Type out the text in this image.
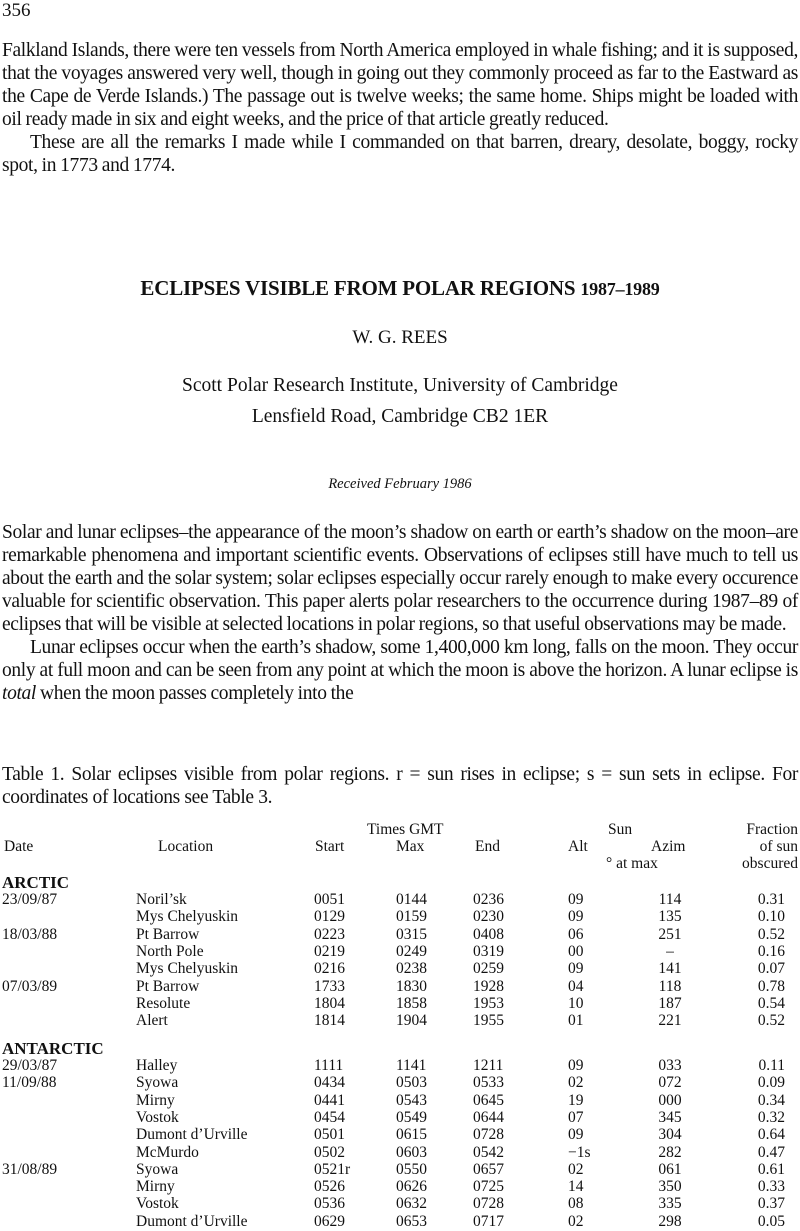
356

Falkland Islands, there were ten vessels from North America employed in whale fishing; and it is supposed, that the voyages answered very well, though in going out they commonly proceed as far to the Eastward as the Cape de Verde Islands.) The passage out is twelve weeks; the same home. Ships might be loaded with oil ready made in six and eight weeks, and the price of that article greatly reduced.

These are all the remarks I made while I commanded on that barren, dreary, desolate, boggy, rocky spot, in 1773 and 1774.

ECLIPSES VISIBLE FROM POLAR REGIONS 1987–1989
W. G. REES
Scott Polar Research Institute, University of Cambridge
Lensfield Road, Cambridge CB2 1ER
Received February 1986

Solar and lunar eclipses–the appearance of the moon’s shadow on earth or earth’s shadow on the moon–are remarkable phenomena and important scientific events. Observations of eclipses still have much to tell us about the earth and the solar system; solar eclipses especially occur rarely enough to make every occurence valuable for scientific observation. This paper alerts polar researchers to the occurrence during 1987–89 of eclipses that will be visible at selected locations in polar regions, so that useful observations may be made.

Lunar eclipses occur when the earth’s shadow, some 1,400,000 km long, falls on the moon. They occur only at full moon and can be seen from any point at which the moon is above the horizon. A lunar eclipse is total when the moon passes completely into the

Table 1. Solar eclipses visible from polar regions. r = sun rises in eclipse; s = sun sets in eclipse. For coordinates of locations see Table 3.
Times GMT	Sun	Fraction
Date	Location	Start	Max	End	Alt	Azim	of sun
° at max	obscured
ARCTIC
23/09/87	Noril’sk	0051	0144	0236	09	114	0.31
Mys Chelyuskin	0129	0159	0230	09	135	0.10
18/03/88	Pt Barrow	0223	0315	0408	06	251	0.52
North Pole	0219	0249	0319	00	–	0.16
Mys Chelyuskin	0216	0238	0259	09	141	0.07
07/03/89	Pt Barrow	1733	1830	1928	04	118	0.78
Resolute	1804	1858	1953	10	187	0.54
Alert	1814	1904	1955	01	221	0.52
ANTARCTIC
29/03/87	Halley	1111	1141	1211	09	033	0.11
11/09/88	Syowa	0434	0503	0533	02	072	0.09
Mirny	0441	0543	0645	19	000	0.34
Vostok	0454	0549	0644	07	345	0.32
Dumont d’Urville	0501	0615	0728	09	304	0.64
McMurdo	0502	0603	0542	−1s	282	0.47
31/08/89	Syowa	0521r	0550	0657	02	061	0.61
Mirny	0526	0626	0725	14	350	0.33
Vostok	0536	0632	0728	08	335	0.37
Dumont d’Urville	0629	0653	0717	02	298	0.05
